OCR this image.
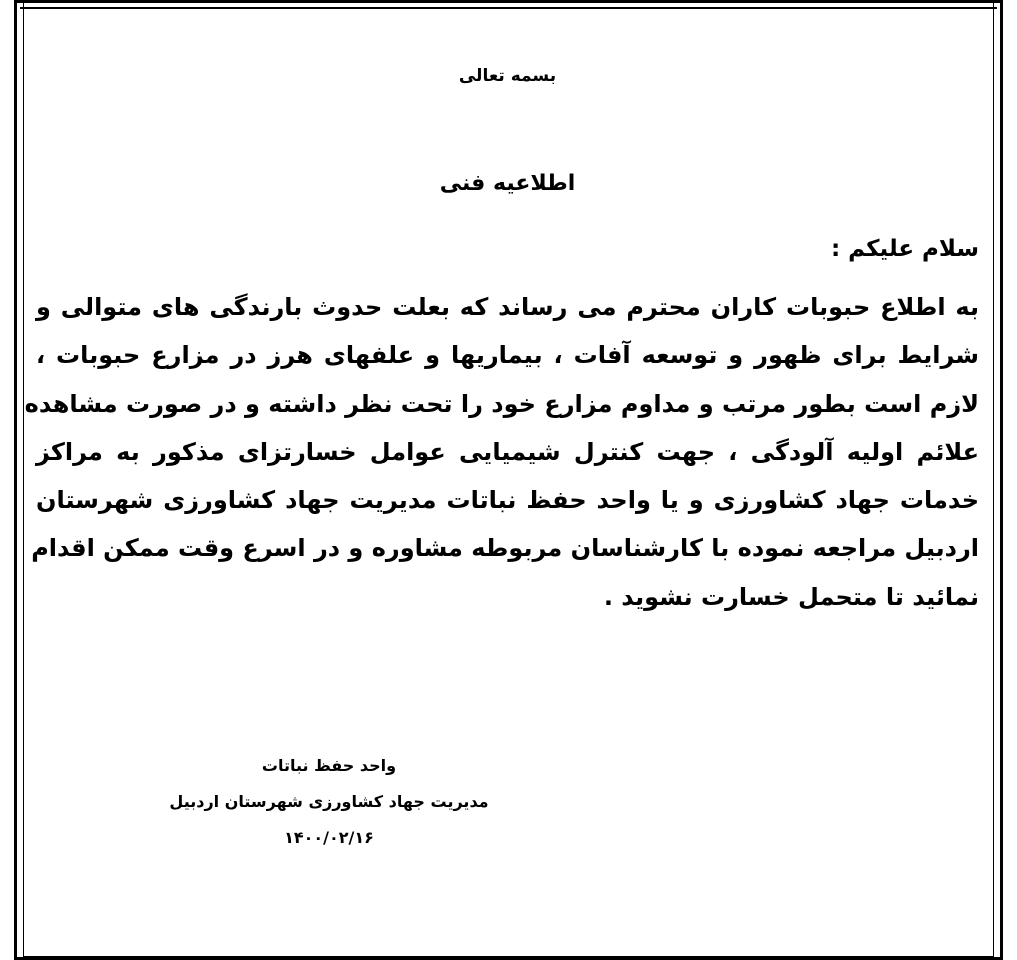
بسمه تعالی
اطلاعیه فنی
سلام علیکم :
به اطلاع حبوبات کاران محترم می رساند که بعلت حدوث بارندگی های متوالی و
شرایط برای ظهور و توسعه آفات ، بیماریها و علفهای هرز در مزارع حبوبات ،
لازم است بطور مرتب و مداوم مزارع خود را تحت نظر داشته و در صورت مشاهده
علائم اولیه آلودگی ، جهت کنترل شیمیایی عوامل خسارتزای مذکور به مراکز
خدمات جهاد کشاورزی و یا واحد حفظ نباتات مدیریت جهاد کشاورزی شهرستان
اردبیل مراجعه نموده با کارشناسان مربوطه مشاوره و در اسرع وقت ممکن اقدام
نمائید تا متحمل خسارت نشوید .
واحد حفظ نباتات
مدیریت جهاد کشاورزی شهرستان اردبیل
۱۴۰۰/۰۲/۱۶
